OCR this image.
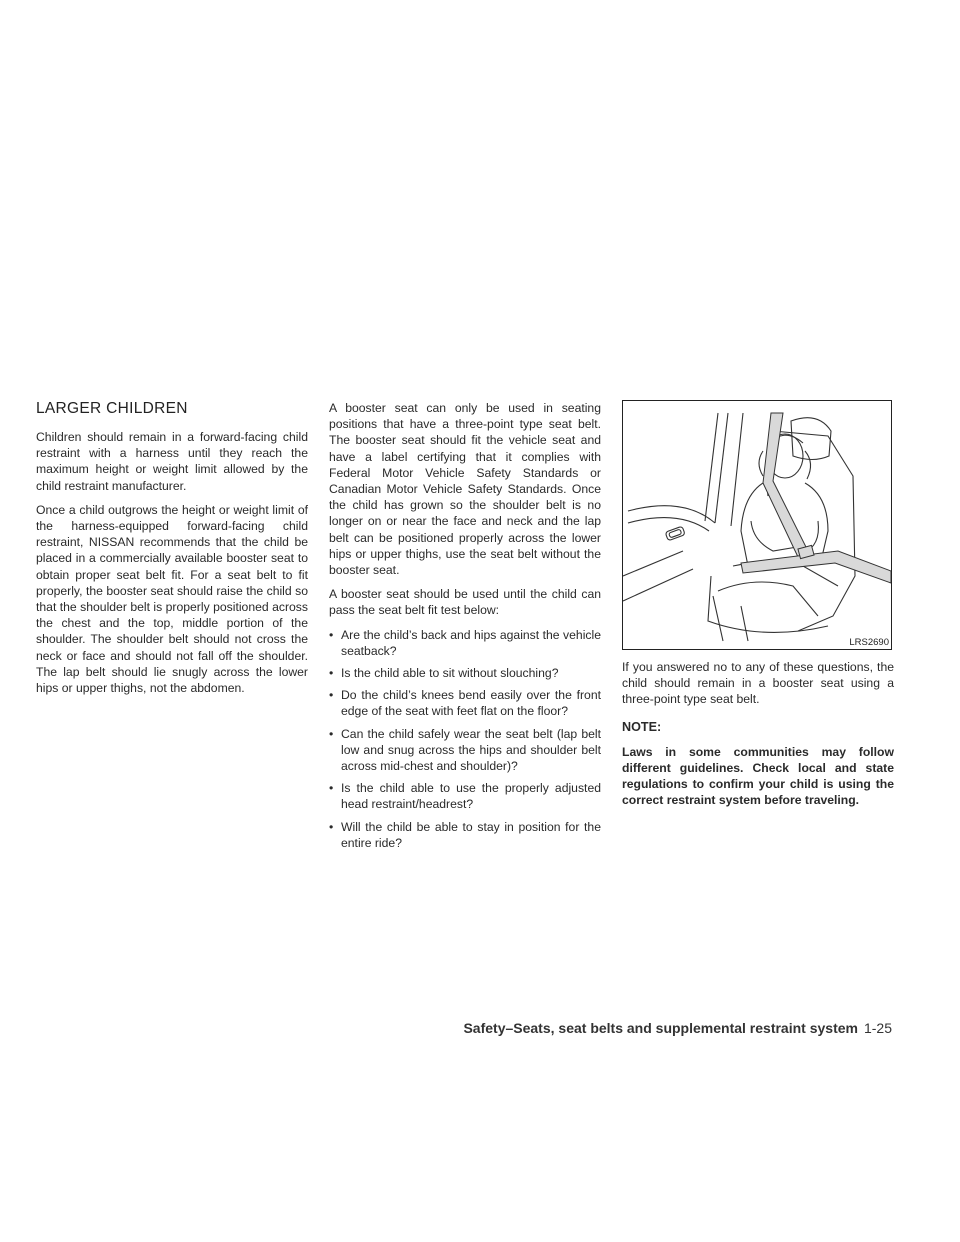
LARGER CHILDREN

Children should remain in a forward-facing child restraint with a harness until they reach the maximum height or weight limit allowed by the child restraint manufacturer.

Once a child outgrows the height or weight limit of the harness-equipped forward-facing child restraint, NISSAN recommends that the child be placed in a commercially available booster seat to obtain proper seat belt fit. For a seat belt to fit properly, the booster seat should raise the child so that the shoulder belt is properly positioned across the chest and the top, middle portion of the shoulder. The shoulder belt should not cross the neck or face and should not fall off the shoulder. The lap belt should lie snugly across the lower hips or upper thighs, not the abdomen.

A booster seat can only be used in seating positions that have a three-point type seat belt. The booster seat should fit the vehicle seat and have a label certifying that it complies with Federal Motor Vehicle Safety Standards or Canadian Motor Vehicle Safety Standards. Once the child has grown so the shoulder belt is no longer on or near the face and neck and the lap belt can be positioned properly across the lower hips or upper thighs, use the seat belt without the booster seat.

A booster seat should be used until the child can pass the seat belt fit test below:

• Are the child’s back and hips against the vehicle seatback?
• Is the child able to sit without slouching?
• Do the child’s knees bend easily over the front edge of the seat with feet flat on the floor?
• Can the child safely wear the seat belt (lap belt low and snug across the hips and shoulder belt across mid-chest and shoulder)?
• Is the child able to use the properly adjusted head restraint/headrest?
• Will the child be able to stay in position for the entire ride?
LRS2690

If you answered no to any of these questions, the child should remain in a booster seat using a three-point type seat belt.

NOTE:

Laws in some communities may follow different guidelines. Check local and state regulations to confirm your child is using the correct restraint system before traveling.

Safety–Seats, seat belts and supplemental restraint system 1-25
